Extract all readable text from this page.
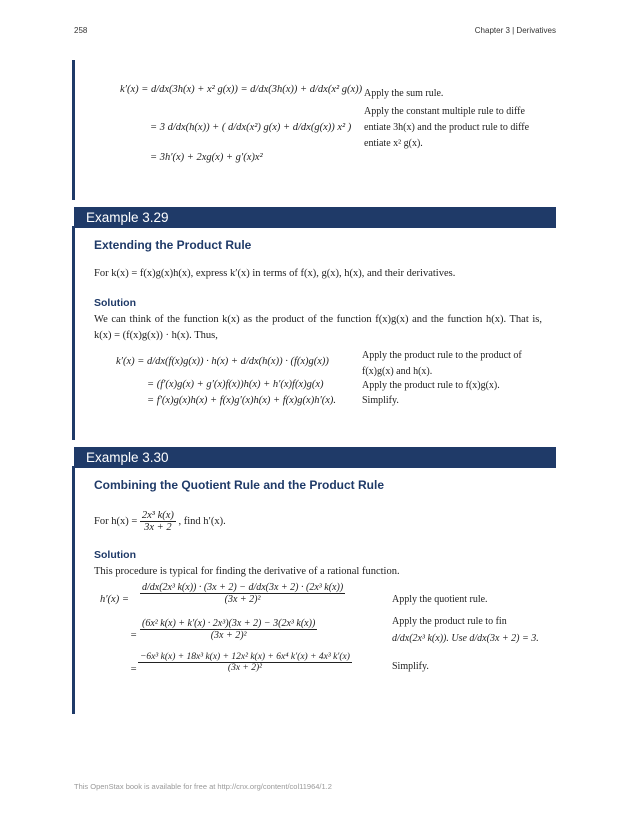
258	Chapter 3 | Derivatives
k′(x) = d/dx(3h(x) + x² g(x)) = d/dx(3h(x)) + d/dx(x² g(x))
= 3 d/dx(h(x)) + ( d/dx(x²) g(x) + d/dx(g(x)) x² )
= 3h′(x) + 2xg(x) + g′(x)x²
Apply the sum rule.
Apply the constant multiple rule to diffe entiate 3h(x) and the product rule to diffe entiate x² g(x).
Example 3.29
Extending the Product Rule
For k(x) = f(x)g(x)h(x), express k′(x) in terms of f(x), g(x), h(x), and their derivatives.
Solution
We can think of the function k(x) as the product of the function f(x)g(x) and the function h(x). That is, k(x) = (f(x)g(x)) · h(x). Thus,
k′(x) = d/dx(f(x)g(x)) · h(x) + d/dx(h(x)) · (f(x)g(x))
= (f′(x)g(x) + g′(x)f(x))h(x) + h′(x)f(x)g(x)
= f′(x)g(x)h(x) + f(x)g′(x)h(x) + f(x)g(x)h′(x).
Apply the product rule to the product of f(x)g(x) and h(x).
Apply the product rule to f(x)g(x).
Simplify.
Example 3.30
Combining the Quotient Rule and the Product Rule
For $h(x) = \frac{\text{2x³ k(x)}}{3x + 2}$ , find h′(x).
Solution
This procedure is typical for finding the derivative of a rational function.
$h'(x) = \frac{\text{d/dx(2x³ k(x)) · (3x + 2) − d/dx(3x + 2) · (2x³ k(x))}}{\text{(3x + 2)²}}$
= $\frac{\text{(6x² k(x) + k′(x) · 2x³)(3x + 2) − 3(2x³ k(x))}}{\text{(3x + 2)²}}$
= $\frac{\text{−6x³ k(x) + 18x³ k(x) + 12x² k(x) + 6x⁴ k′(x) + 4x³ k′(x)}}{\text{(3x + 2)²}}$
Apply the quotient rule.
Apply the product rule to fin
d/dx(2x³ k(x)). Use d/dx(3x + 2) = 3.
Simplify.
This OpenStax book is available for free at http://cnx.org/content/col11964/1.2
